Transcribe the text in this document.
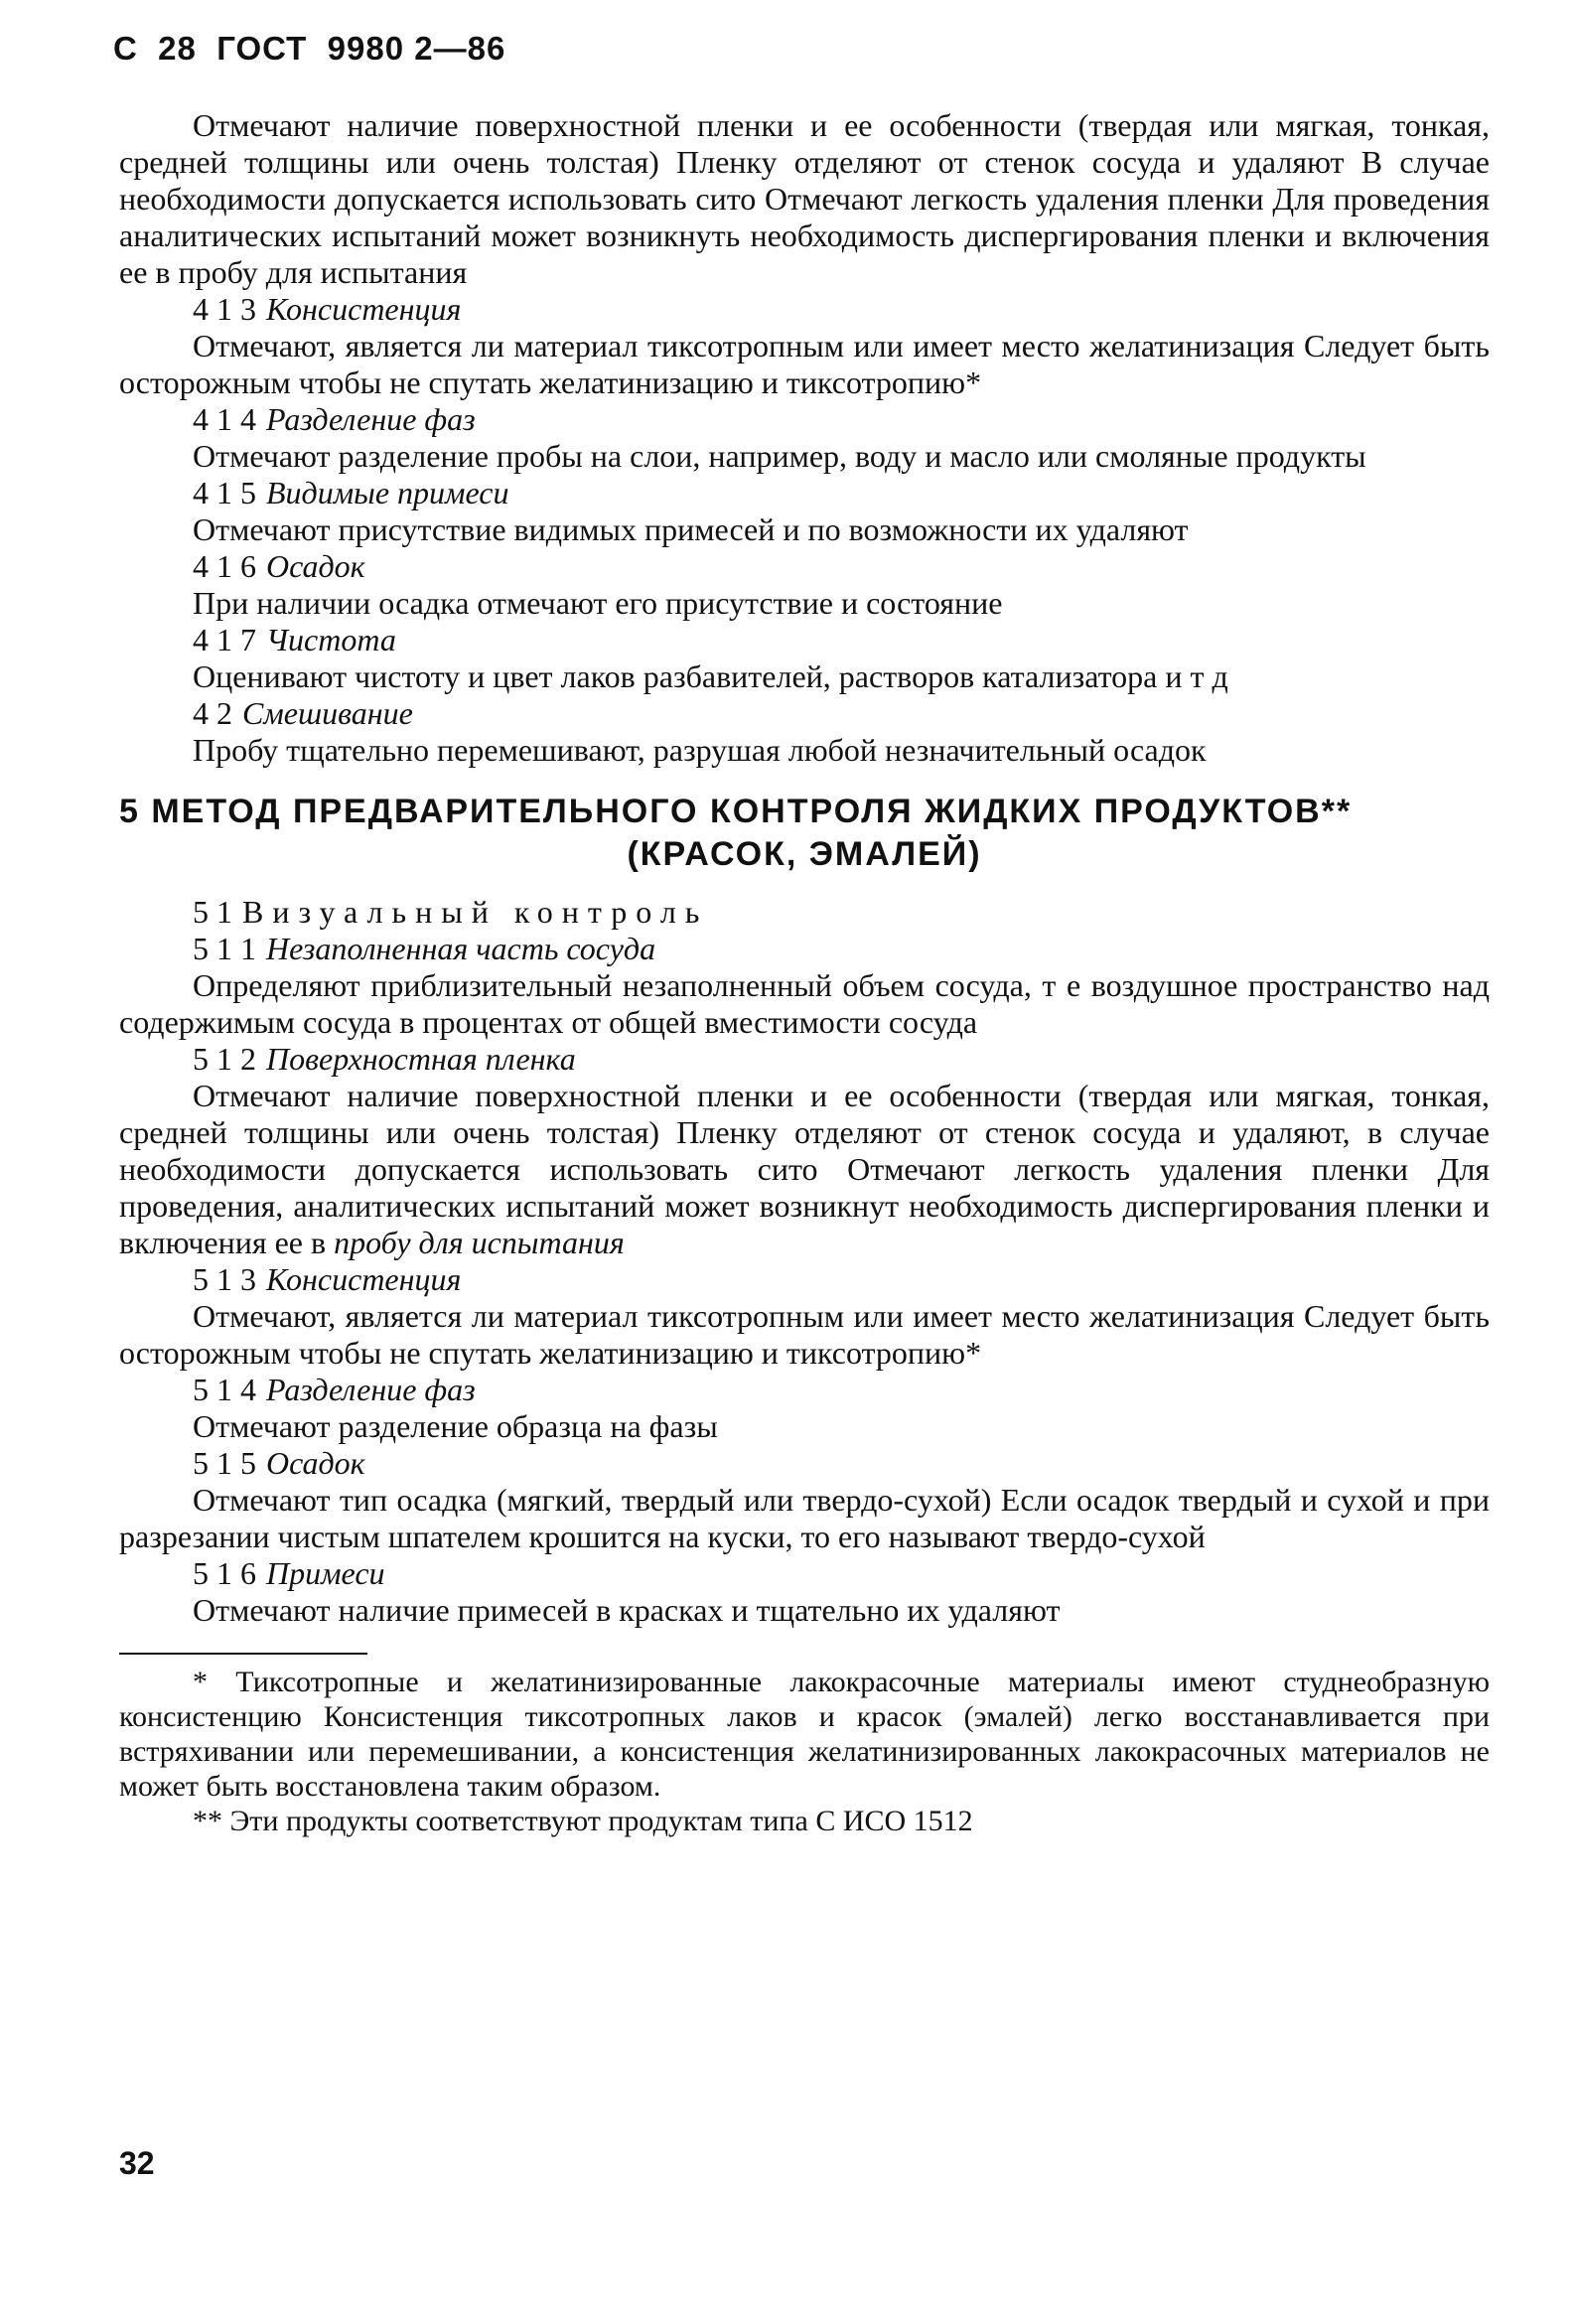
С  28  ГОСТ  9980 2—86

Отмечают наличие поверхностной пленки и ее особенности (твердая или мягкая, тонкая, средней толщины или очень толстая) Пленку отделяют от стенок сосуда и удаляют В случае необходимости допускается использовать сито Отмечают легкость удаления пленки Для проведения аналитических испытаний может возникнуть необходимость диспергирования пленки и включения ее в пробу для испытания

4 1 3 Консистенция

Отмечают, является ли материал тиксотропным или имеет место желатинизация Следует быть осторожным чтобы не спутать желатинизацию и тиксотропию*

4 1 4 Разделение фаз

Отмечают разделение пробы на слои, например, воду и масло или смоляные продукты

4 1 5 Видимые примеси

Отмечают присутствие видимых примесей и по возможности их удаляют

4 1 6 Осадок

При наличии осадка отмечают его присутствие и состояние

4 1 7 Чистота

Оценивают чистоту и цвет лаков разбавителей, растворов катализатора и т д

4 2 Смешивание

Пробу тщательно перемешивают, разрушая любой незначительный осадок

5 МЕТОД ПРЕДВАРИТЕЛЬНОГО КОНТРОЛЯ ЖИДКИХ ПРОДУКТОВ**
(КРАСОК, ЭМАЛЕЙ)

5 1 Визуальный контроль

5 1 1 Незаполненная часть сосуда

Определяют приблизительный незаполненный объем сосуда, т е воздушное пространство над содержимым сосуда в процентах от общей вместимости сосуда

5 1 2 Поверхностная пленка

Отмечают наличие поверхностной пленки и ее особенности (твердая или мягкая, тонкая, средней толщины или очень толстая) Пленку отделяют от стенок сосуда и удаляют, в случае необходимости допускается использовать сито Отмечают легкость удаления пленки Для проведения, аналитических испытаний может возникнут необходимость диспергирования пленки и включения ее в пробу для испытания

5 1 3 Консистенция

Отмечают, является ли материал тиксотропным или имеет место желатинизация Следует быть осторожным чтобы не спутать желатинизацию и тиксотропию*

5 1 4 Разделение фаз

Отмечают разделение образца на фазы

5 1 5 Осадок

Отмечают тип осадка (мягкий, твердый или твердо-сухой) Если осадок твердый и сухой и при разрезании чистым шпателем крошится на куски, то его называют твердо-сухой

5 1 6 Примеси

Отмечают наличие примесей в красках и тщательно их удаляют

* Тиксотропные и желатинизированные лакокрасочные материалы имеют студнеобразную консистенцию Консистенция тиксотропных лаков и красок (эмалей) легко восстанавливается при встряхивании или перемешивании, а консистенция желатинизированных лакокрасочных материалов не может быть восстановлена таким образом.

** Эти продукты соответствуют продуктам типа С ИСО 1512

32
